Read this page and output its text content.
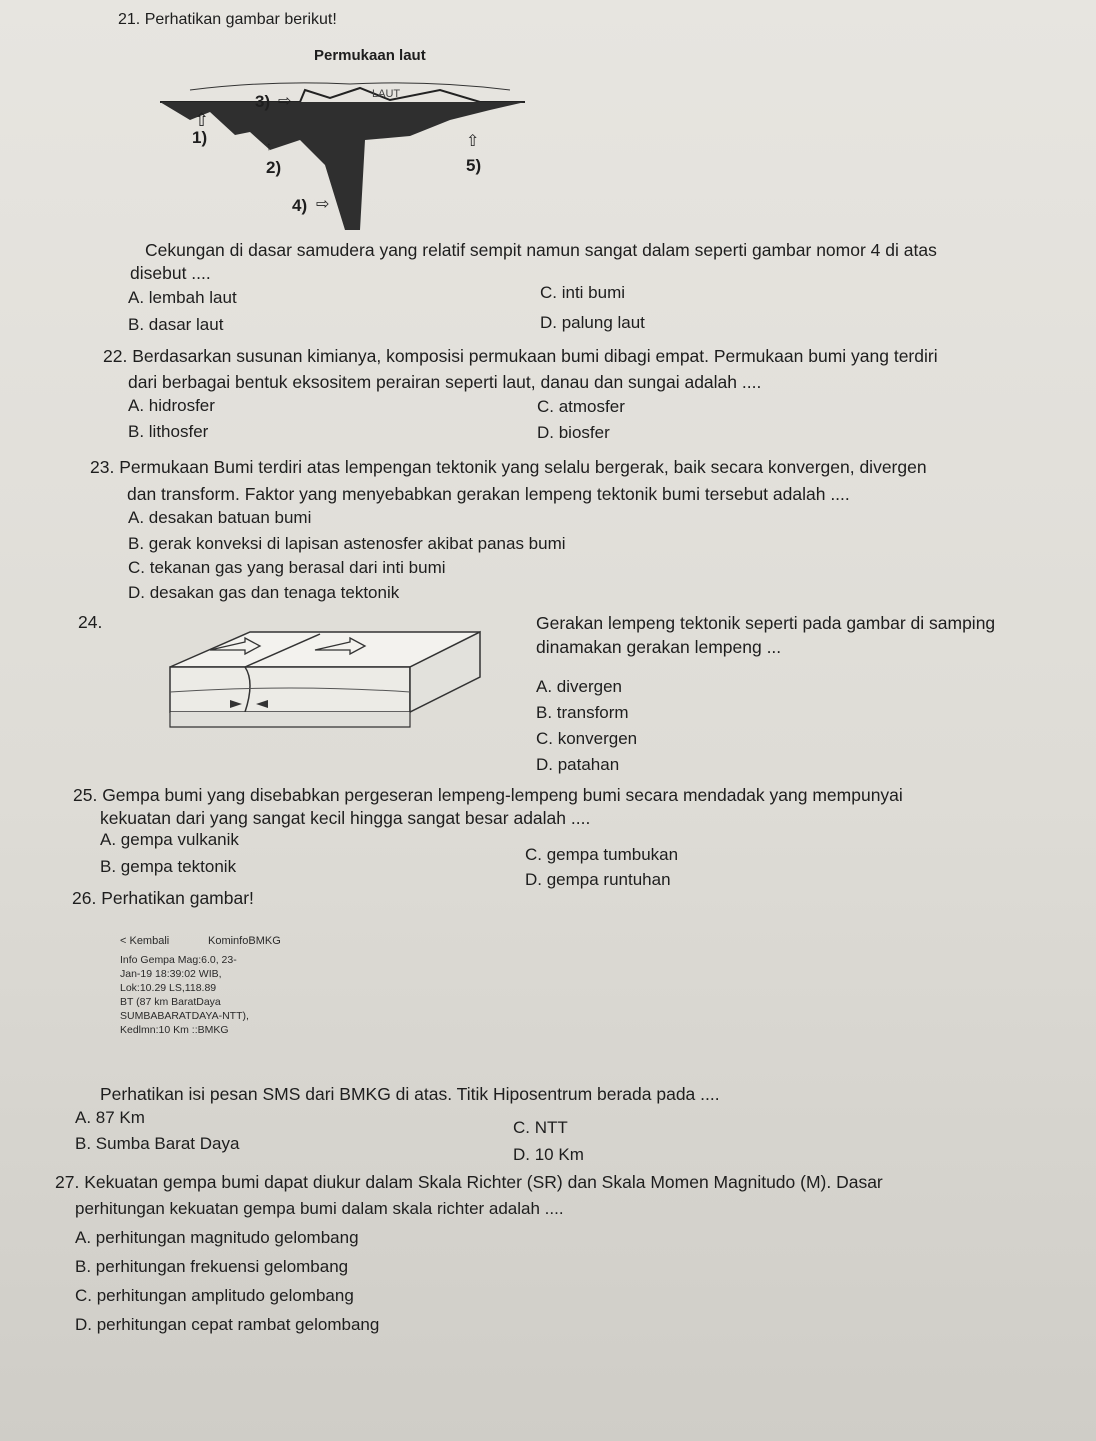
21. Perhatikan gambar berikut!
Permukaan laut
LAUT
3) ⇨
⇧
1)	↑
2)
⇧
5)
4) ⇨
Cekungan di dasar samudera yang relatif sempit namun sangat dalam seperti gambar nomor 4 di atas
disebut ....
A. lembah laut
B. dasar laut
C. inti bumi
D. palung laut
22. Berdasarkan susunan kimianya, komposisi permukaan bumi dibagi empat. Permukaan bumi yang terdiri
dari berbagai bentuk eksositem perairan seperti laut, danau dan sungai adalah ....
A. hidrosfer
B. lithosfer
C. atmosfer
D. biosfer
23. Permukaan Bumi terdiri atas lempengan tektonik yang selalu bergerak, baik secara konvergen, divergen
dan transform. Faktor yang menyebabkan gerakan lempeng tektonik bumi tersebut adalah ....
A. desakan batuan bumi
B. gerak konveksi di lapisan astenosfer akibat panas bumi
C. tekanan gas yang berasal dari inti bumi
D. desakan gas dan tenaga tektonik
24.	Gerakan lempeng tektonik seperti pada gambar di samping
dinamakan gerakan lempeng ...
A. divergen
B. transform
C. konvergen
D. patahan
25. Gempa bumi yang disebabkan pergeseran lempeng-lempeng bumi secara mendadak yang mempunyai
kekuatan dari yang sangat kecil hingga sangat besar adalah ....
A. gempa vulkanik
B. gempa tektonik
C. gempa tumbukan
D. gempa runtuhan
26. Perhatikan gambar!
< Kembali	KominfoBMKG
Info Gempa Mag:6.0, 23-
Jan-19 18:39:02 WIB,
Lok:10.29 LS,118.89
BT (87 km BaratDaya
SUMBABARATDAYA-NTT),
Kedlmn:10 Km ::BMKG
Perhatikan isi pesan SMS dari BMKG di atas. Titik Hiposentrum berada pada ....
A. 87 Km
B. Sumba Barat Daya
C. NTT
D. 10 Km
27. Kekuatan gempa bumi dapat diukur dalam Skala Richter (SR) dan Skala Momen Magnitudo (M). Dasar
perhitungan kekuatan gempa bumi dalam skala richter adalah ....
A. perhitungan magnitudo gelombang
B. perhitungan frekuensi gelombang
C. perhitungan amplitudo gelombang
D. perhitungan cepat rambat gelombang
